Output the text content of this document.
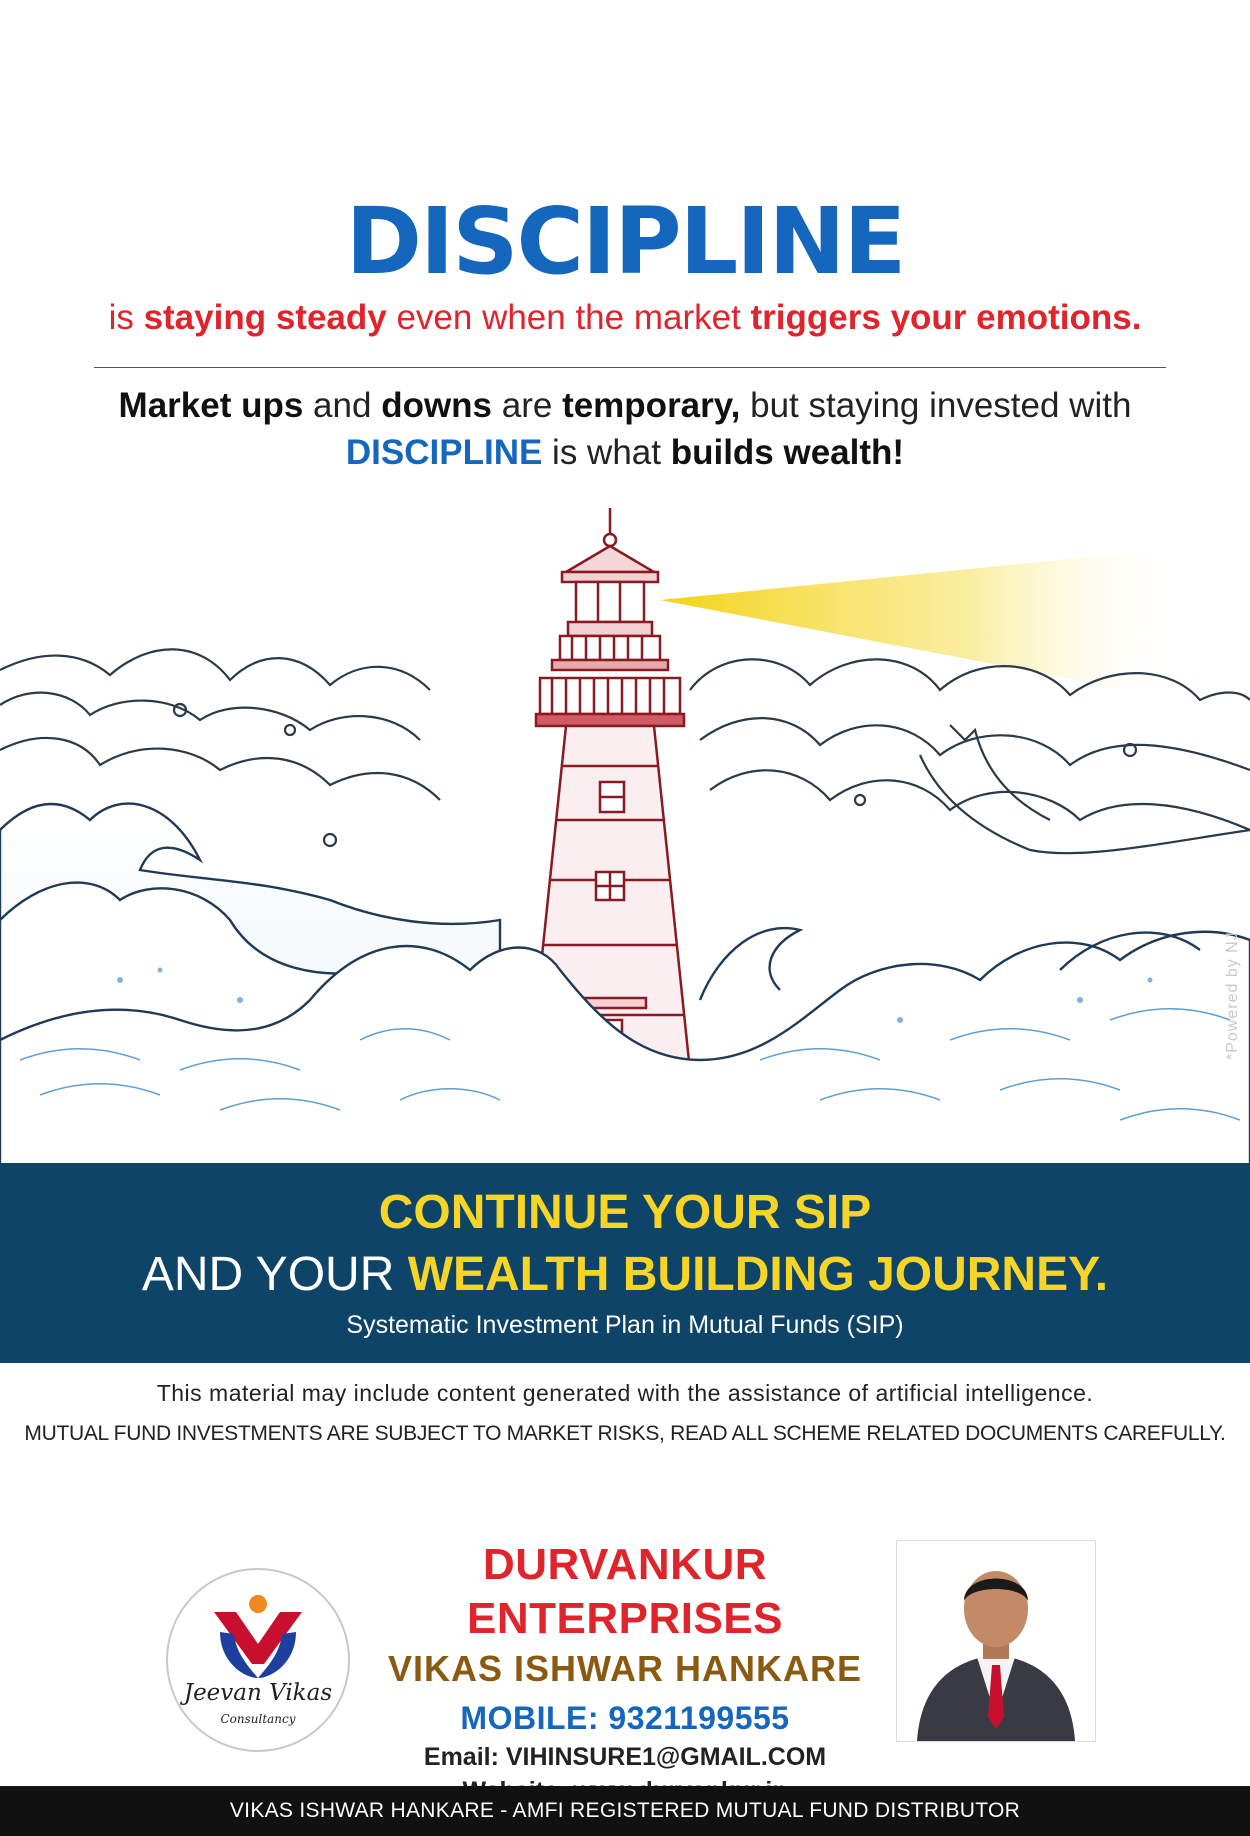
DISCIPLINE
is staying steady even when the market triggers your emotions.
Market ups and downs are temporary, but staying invested with
DISCIPLINE is what builds wealth!
*Powered by NJ
CONTINUE YOUR SIP
AND YOUR WEALTH BUILDING JOURNEY.
Systematic Investment Plan in Mutual Funds (SIP)
This material may include content generated with the assistance of artificial intelligence.
MUTUAL FUND INVESTMENTS ARE SUBJECT TO MARKET RISKS, READ ALL SCHEME RELATED DOCUMENTS CAREFULLY.
Jeevan Vikas
Consultancy
DURVANKUR ENTERPRISES
VIKAS ISHWAR HANKARE
MOBILE: 9321199555
Email: VIHINSURE1@GMAIL.COM
VIKAS ISHWAR HANKARE - AMFI REGISTERED MUTUAL FUND DISTRIBUTOR
